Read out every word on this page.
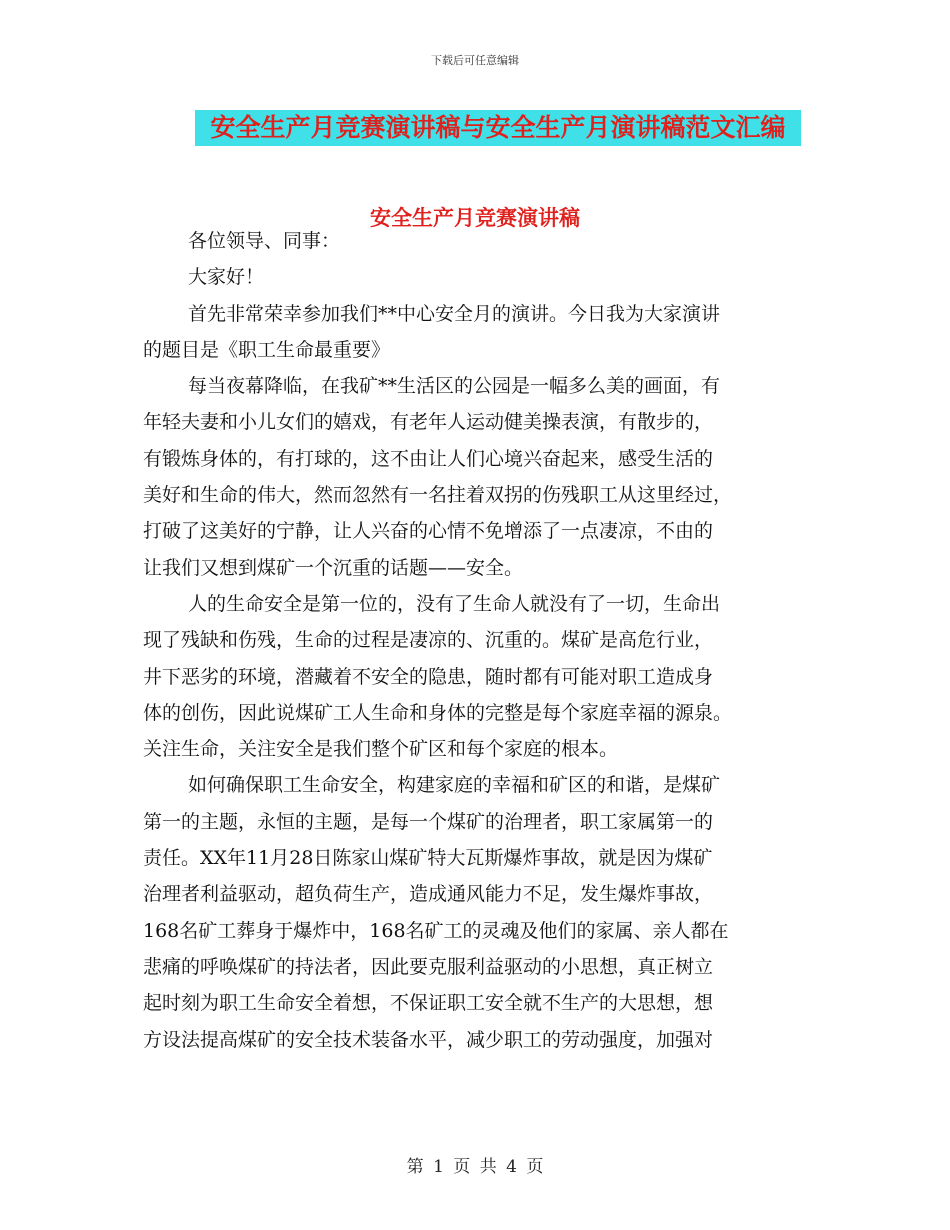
下载后可任意编辑
安全生产月竞赛演讲稿与安全生产月演讲稿范文汇编
安全生产月竞赛演讲稿
各位领导、同事：
大家好！
首先非常荣幸参加我们**中心安全月的演讲。今日我为大家演讲
的题目是《职工生命最重要》
每当夜幕降临，在我矿**生活区的公园是一幅多么美的画面，有
年轻夫妻和小儿女们的嬉戏，有老年人运动健美操表演，有散步的，
有锻炼身体的，有打球的，这不由让人们心境兴奋起来，感受生活的
美好和生命的伟大，然而忽然有一名拄着双拐的伤残职工从这里经过，
打破了这美好的宁静，让人兴奋的心情不免增添了一点凄凉，不由的
让我们又想到煤矿一个沉重的话题——安全。
人的生命安全是第一位的，没有了生命人就没有了一切，生命出
现了残缺和伤残，生命的过程是凄凉的、沉重的。煤矿是高危行业，
井下恶劣的环境，潜藏着不安全的隐患，随时都有可能对职工造成身
体的创伤，因此说煤矿工人生命和身体的完整是每个家庭幸福的源泉。
关注生命，关注安全是我们整个矿区和每个家庭的根本。
如何确保职工生命安全，构建家庭的幸福和矿区的和谐，是煤矿
第一的主题，永恒的主题，是每一个煤矿的治理者，职工家属第一的
责任。XX年11月28日陈家山煤矿特大瓦斯爆炸事故，就是因为煤矿
治理者利益驱动，超负荷生产，造成通风能力不足，发生爆炸事故，
168名矿工葬身于爆炸中，168名矿工的灵魂及他们的家属、亲人都在
悲痛的呼唤煤矿的持法者，因此要克服利益驱动的小思想，真正树立
起时刻为职工生命安全着想，不保证职工安全就不生产的大思想，想
方设法提高煤矿的安全技术装备水平，减少职工的劳动强度，加强对
第 1 页 共 4 页
